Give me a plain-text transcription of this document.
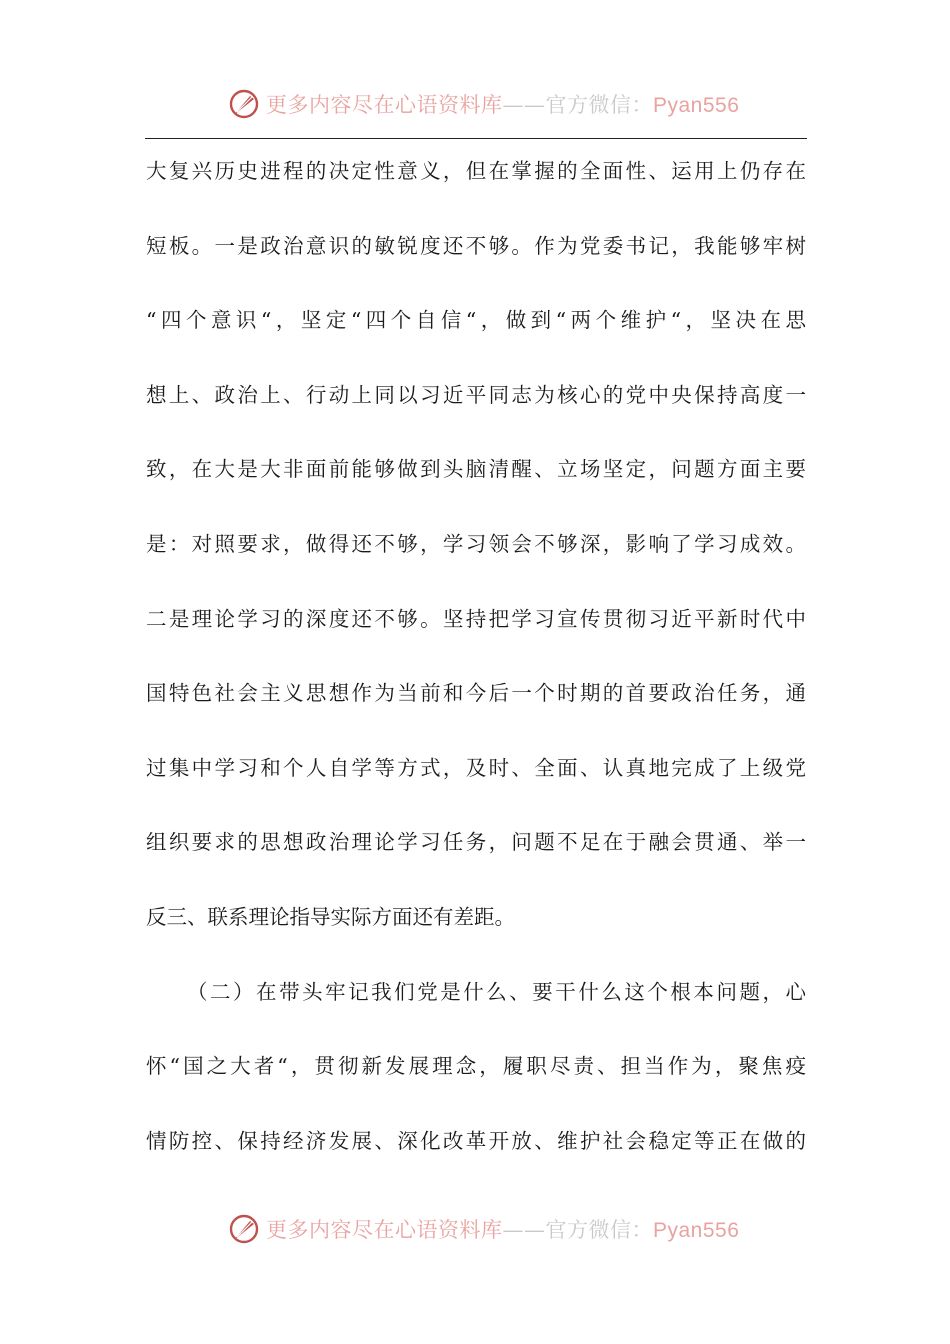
更多内容尽在心语资料库——官方微信：Pyan556
大复兴历史进程的决定性意义，但在掌握的全面性、运用上仍存在
短板。一是政治意识的敏锐度还不够。作为党委书记，我能够牢树
“四个意识“，坚定“四个自信“，做到“两个维护“，坚决在思
想上、政治上、行动上同以习近平同志为核心的党中央保持高度一
致，在大是大非面前能够做到头脑清醒、立场坚定，问题方面主要
是：对照要求，做得还不够，学习领会不够深，影响了学习成效。
二是理论学习的深度还不够。坚持把学习宣传贯彻习近平新时代中
国特色社会主义思想作为当前和今后一个时期的首要政治任务，通
过集中学习和个人自学等方式，及时、全面、认真地完成了上级党
组织要求的思想政治理论学习任务，问题不足在于融会贯通、举一
反三、联系理论指导实际方面还有差距。
（二）在带头牢记我们党是什么、要干什么这个根本问题，心
怀“国之大者“，贯彻新发展理念，履职尽责、担当作为，聚焦疫
情防控、保持经济发展、深化改革开放、维护社会稳定等正在做的
更多内容尽在心语资料库——官方微信：Pyan556
